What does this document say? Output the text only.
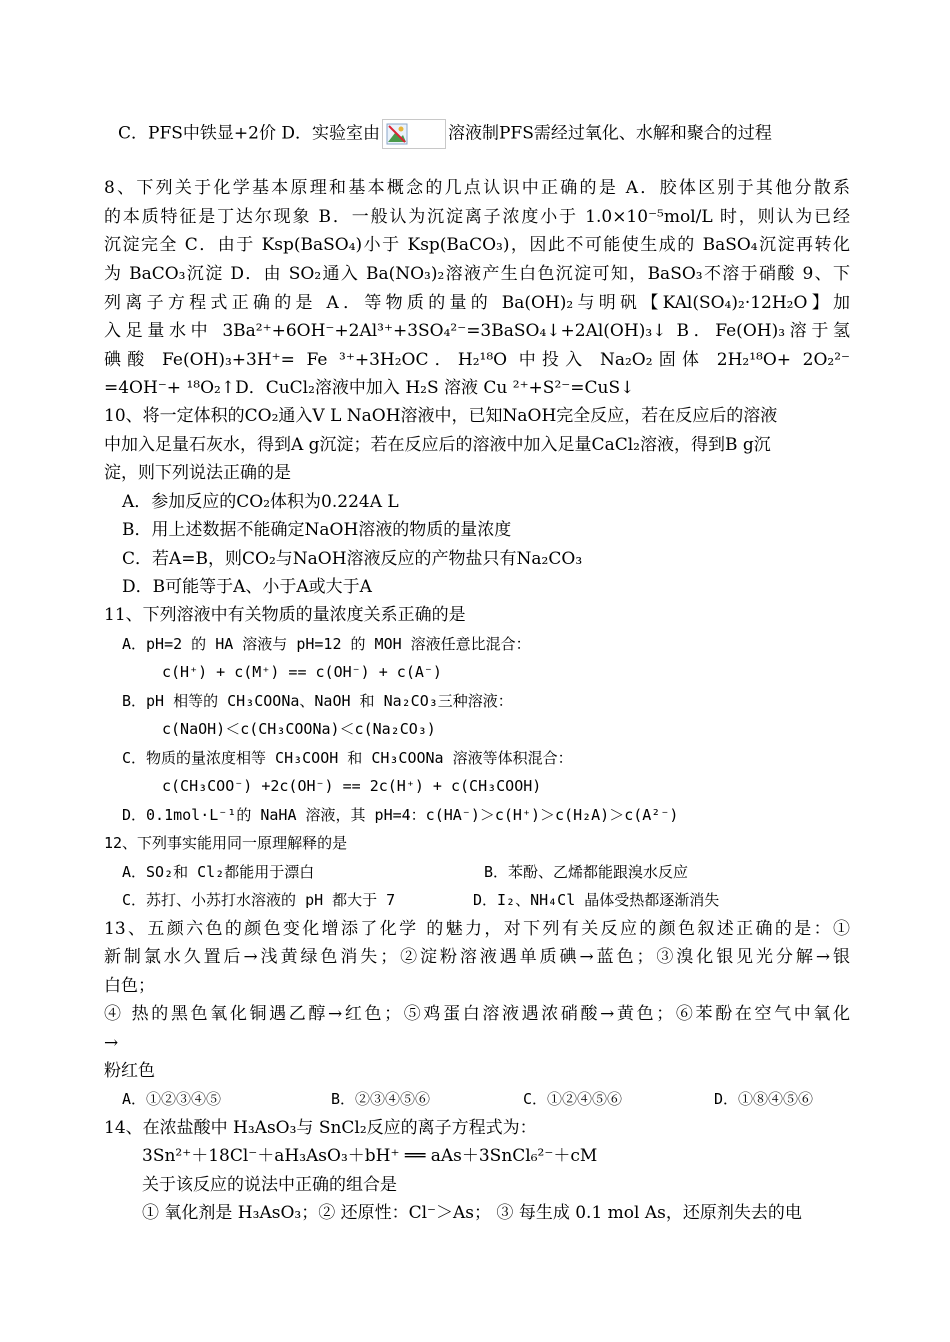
C．PFS中铁显+2价 D．实验室由	溶液制PFS需经过氧化、水解和聚合的过程
8、下列关于化学基本原理和基本概念的几点认识中正确的是 A．胶体区别于其他分散系
的本质特征是丁达尔现象 B．一般认为沉淀离子浓度小于 1.0×10⁻⁵mol/L 时，则认为已经
沉淀完全 C．由于 Ksp(BaSO₄)小于 Ksp(BaCO₃)，因此不可能使生成的 BaSO₄沉淀再转化
为 BaCO₃沉淀 D．由 SO₂通入 Ba(NO₃)₂溶液产生白色沉淀可知，BaSO₃不溶于硝酸 9、下
列离子方程式正确的是 A．等物质的量的 Ba(OH)₂与明矾【KAl(SO₄)₂·12H₂O】加
入足量水中 3Ba²⁺+6OH⁻+2Al³⁺+3SO₄²⁻=3BaSO₄↓+2Al(OH)₃↓ B．Fe(OH)₃溶于氢
碘酸 Fe(OH)₃+3H⁺= Fe ³⁺+3H₂OC．H₂¹⁸O 中投入 Na₂O₂固体 2H₂¹⁸O+ 2O₂²⁻
=4OH⁻+ ¹⁸O₂↑D．CuCl₂溶液中加入 H₂S 溶液 Cu ²⁺+S²⁻=CuS↓
10、将一定体积的CO₂通入V L NaOH溶液中，已知NaOH完全反应，若在反应后的溶液
中加入足量石灰水，得到A g沉淀；若在反应后的溶液中加入足量CaCl₂溶液，得到B g沉
淀，则下列说法正确的是
A．参加反应的CO₂体积为0.224A L
B．用上述数据不能确定NaOH溶液的物质的量浓度
C．若A=B，则CO₂与NaOH溶液反应的产物盐只有Na₂CO₃
D．B可能等于A、小于A或大于A
11、下列溶液中有关物质的量浓度关系正确的是
A．pH=2 的 HA 溶液与 pH=12 的 MOH 溶液任意比混合：
c(H⁺) + c(M⁺) == c(OH⁻) + c(A⁻)
B．pH 相等的 CH₃COONa、NaOH 和 Na₂CO₃三种溶液：
c(NaOH)＜c(CH₃COONa)＜c(Na₂CO₃)
C．物质的量浓度相等 CH₃COOH 和 CH₃COONa 溶液等体积混合：
c(CH₃COO⁻) +2c(OH⁻) == 2c(H⁺) + c(CH₃COOH)
D．0.1mol·L⁻¹的 NaHA 溶液，其 pH=4：c(HA⁻)＞c(H⁺)＞c(H₂A)＞c(A²⁻)
12、下列事实能用同一原理解释的是
A．SO₂和 Cl₂都能用于漂白	B．苯酚、乙烯都能跟溴水反应
C．苏打、小苏打水溶液的 pH 都大于 7	D．I₂、NH₄Cl 晶体受热都逐渐消失
13、五颜六色的颜色变化增添了化学 的魅力，对下列有关反应的颜色叙述正确的是：①
新制氯水久置后→浅黄绿色消失；②淀粉溶液遇单质碘→蓝色；③溴化银见光分解→银
白色；
④ 热的黑色氧化铜遇乙醇→红色；⑤鸡蛋白溶液遇浓硝酸→黄色；⑥苯酚在空气中氧化
→
粉红色
A．①②③④⑤	B．②③④⑤⑥	C．①②④⑤⑥	D．①⑧④⑤⑥
14、在浓盐酸中 H₃AsO₃与 SnCl₂反应的离子方程式为：
3Sn²⁺＋18Cl⁻＋aH₃AsO₃＋bH⁺ ══ aAs＋3SnCl₆²⁻＋cM
关于该反应的说法中正确的组合是
① 氧化剂是 H₃AsO₃；② 还原性：Cl⁻＞As； ③ 每生成 0.1 mol As，还原剂失去的电
